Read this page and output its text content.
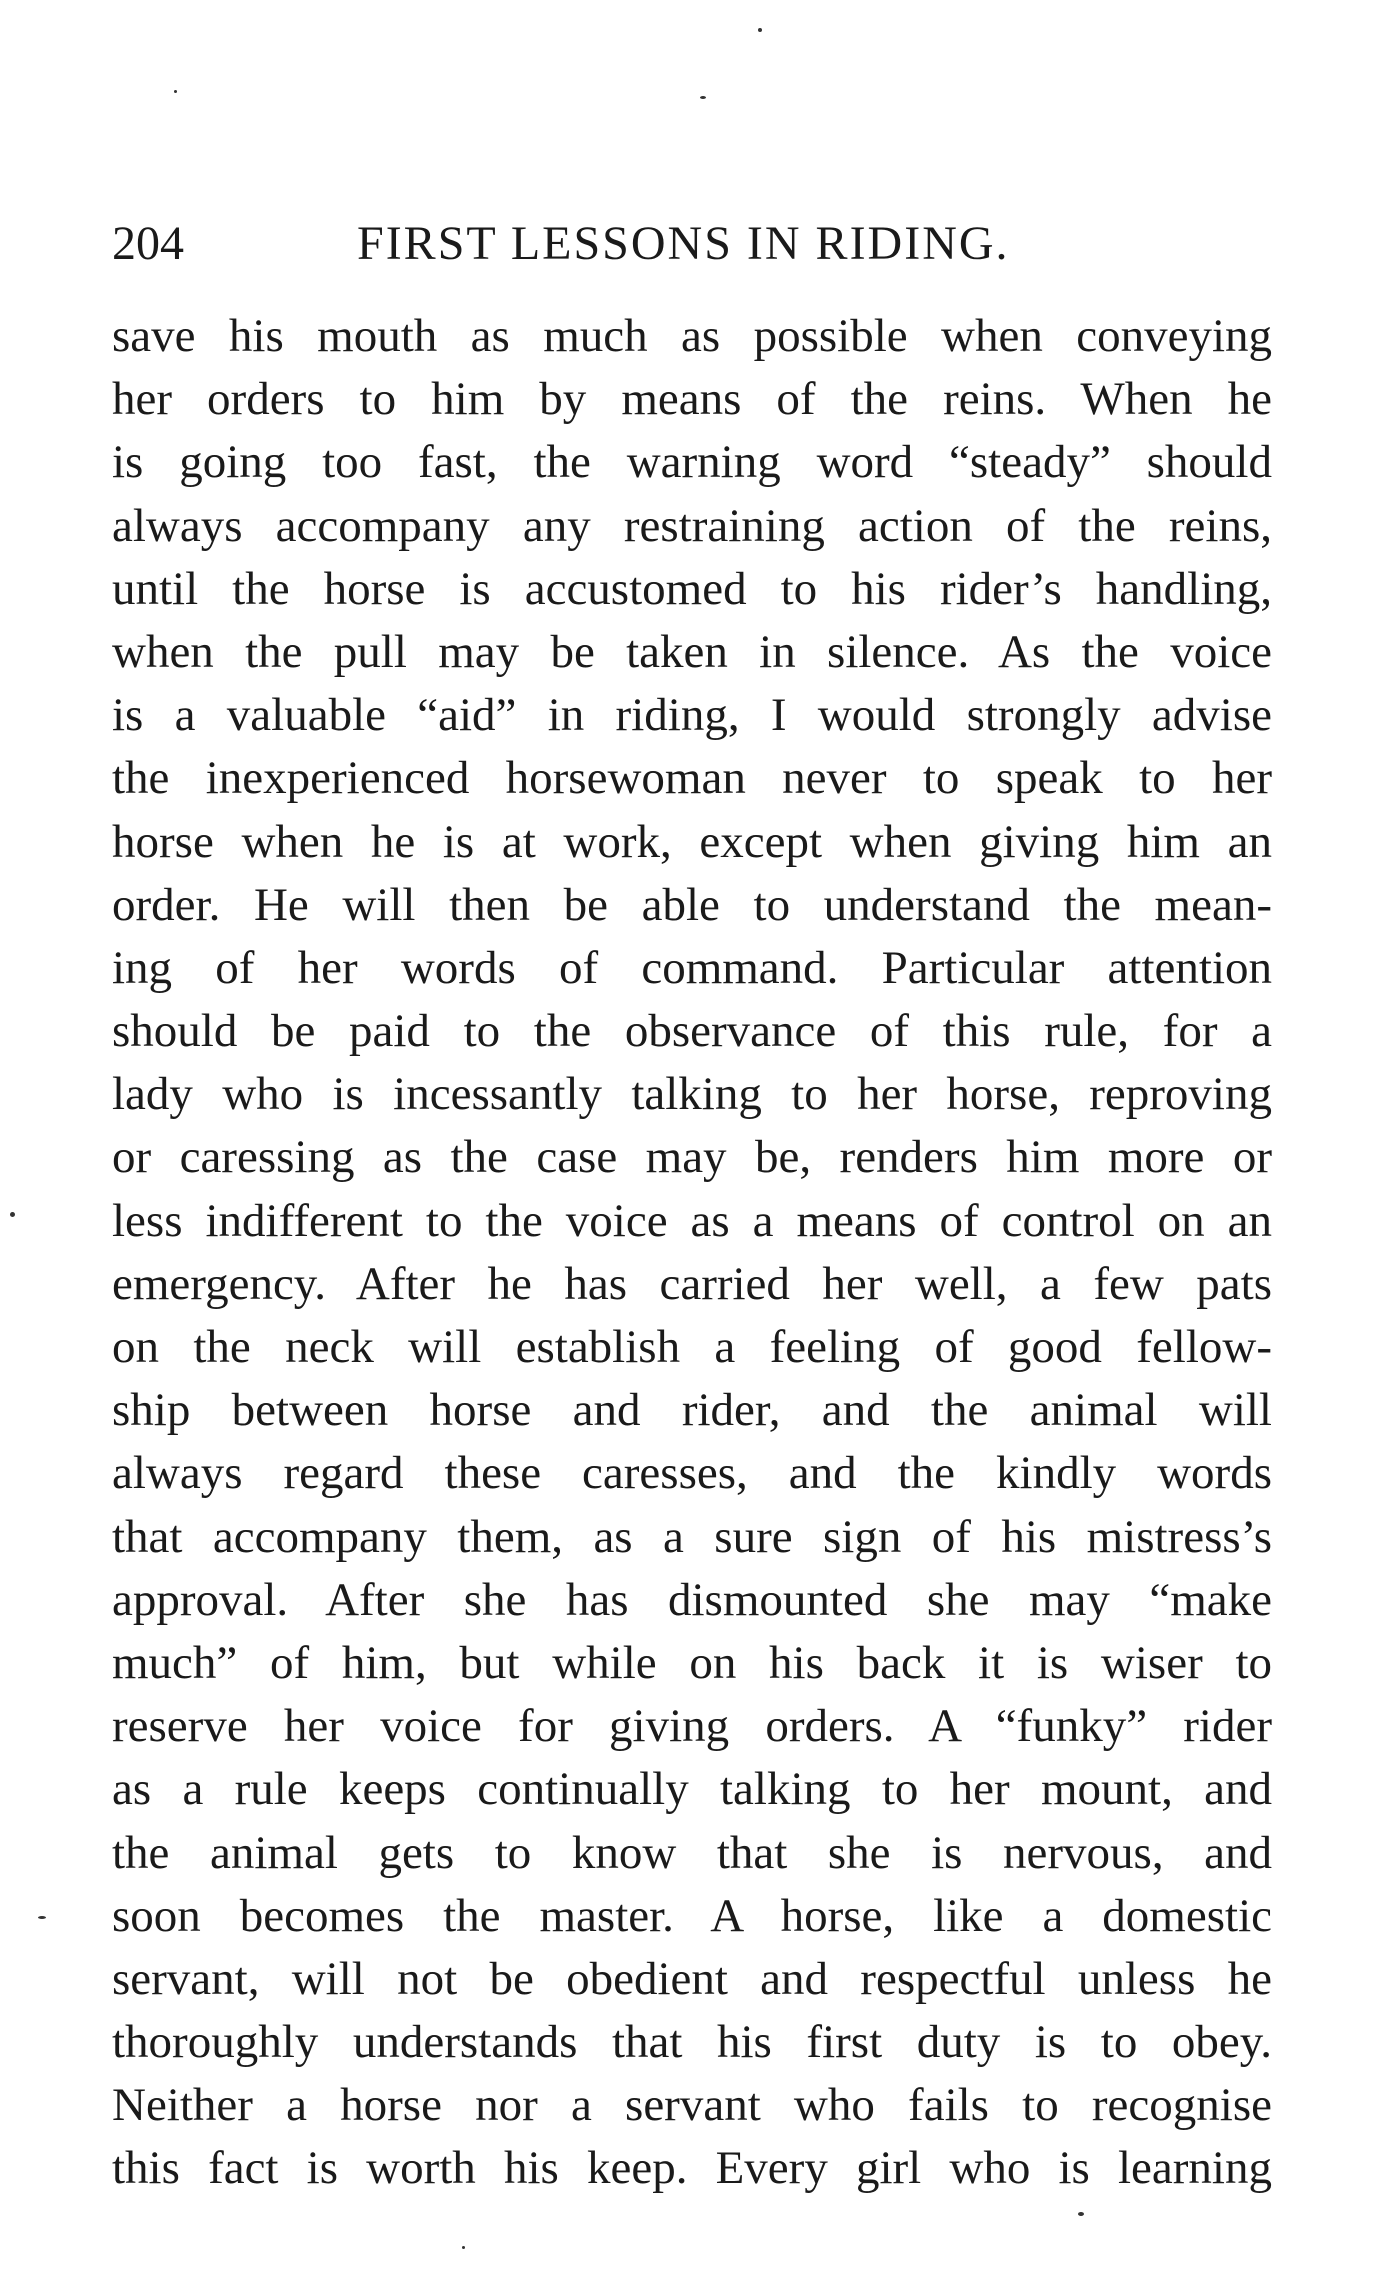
204	FIRST LESSONS IN RIDING.
save his mouth as much as possible when conveying
her orders to him by means of the reins. When he
is going too fast, the warning word “steady” should
always accompany any restraining action of the reins,
until the horse is accustomed to his rider’s handling,
when the pull may be taken in silence. As the voice
is a valuable “aid” in riding, I would strongly advise
the inexperienced horsewoman never to speak to her
horse when he is at work, except when giving him an
order. He will then be able to understand the mean-
ing of her words of command. Particular attention
should be paid to the observance of this rule, for a
lady who is incessantly talking to her horse, reproving
or caressing as the case may be, renders him more or
less indifferent to the voice as a means of control on an
emergency. After he has carried her well, a few pats
on the neck will establish a feeling of good fellow-
ship between horse and rider, and the animal will
always regard these caresses, and the kindly words
that accompany them, as a sure sign of his mistress’s
approval. After she has dismounted she may “make
much” of him, but while on his back it is wiser to
reserve her voice for giving orders. A “funky” rider
as a rule keeps continually talking to her mount, and
the animal gets to know that she is nervous, and
soon becomes the master. A horse, like a domestic
servant, will not be obedient and respectful unless he
thoroughly understands that his first duty is to obey.
Neither a horse nor a servant who fails to recognise
this fact is worth his keep. Every girl who is learning
